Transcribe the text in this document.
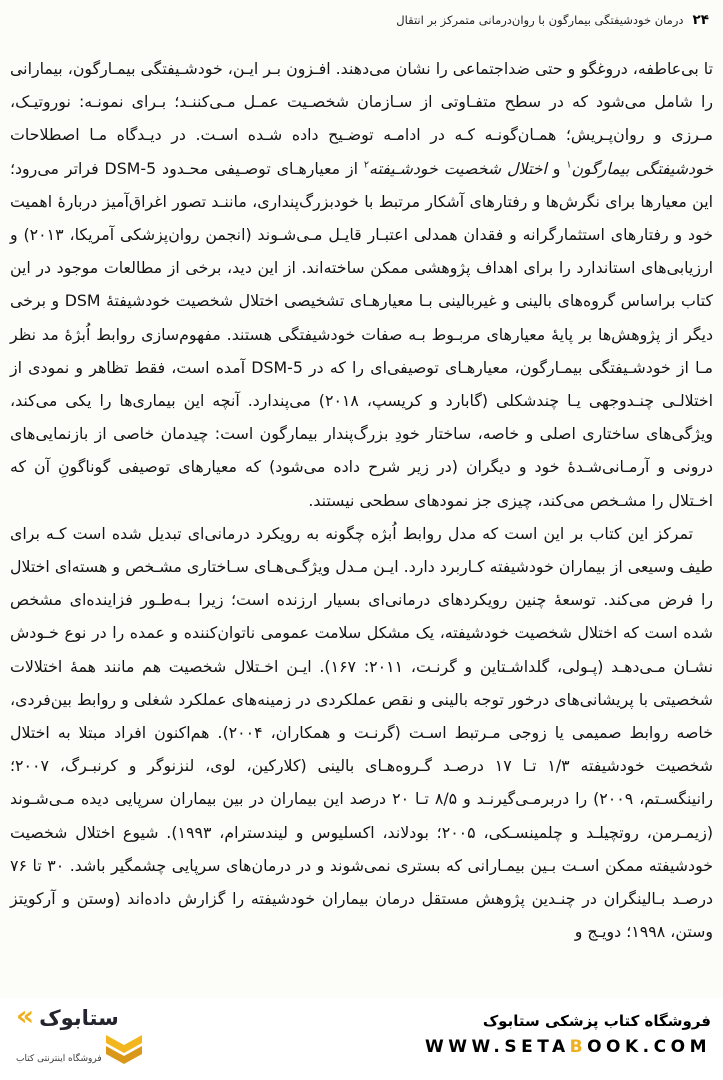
۲۴
درمان خودشیفتگی بیمارگون با روان‌درمانی متمرکز بر انتقال

تا بی‌عاطفه، دروغگو و حتی ضداجتماعی را نشان می‌دهند. افـزون بـر ایـن، خودشـیفتگی بیمـارگون، بیمارانی را شامل می‌شود که در سطح متفـاوتی از سـازمان شخصـیت عمـل مـی‌کننـد؛ بـرای نمونـه: نوروتیـک، مـرزی و روان‌پـریش؛ همـان‌گونـه کـه در ادامـه توضـیح داده شـده اسـت. در دیـدگاه مـا اصطلاحات خودشیفتگی بیمارگون$^۱$ و اختلال شخصیت خودشـیفته$^۲$ از معیارهـای توصـیفی محـدود DSM-5 فراتر می‌رود؛ این معیارها برای نگرش‌ها و رفتارهای آشکار مرتبط با خودبزرگ‌پنداری، ماننـد تصور اغراق‌آمیز دربارهٔ اهمیت خود و رفتارهای استثمارگرانه و فقدان همدلی اعتبـار قایـل مـی‌شـوند (انجمن روان‌پزشکی آمریکا، ۲۰۱۳) و ارزیابی‌های استاندارد را برای اهداف پژوهشی ممکن ساخته‌اند. از این دید، برخی از مطالعات موجود در این کتاب براساس گروه‌های بالینی و غیربالینی بـا معیارهـای تشخیصی اختلال شخصیت خودشیفتهٔ DSM و برخی دیگر از پژوهش‌ها بر پایهٔ معیارهای مربـوط بـه صفات خودشیفتگی هستند. مفهوم‌سازی روابط اُبژهٔ مد نظر مـا از خودشـیفتگی بیمـارگون، معیارهـای توصیفی‌ای را که در DSM-5 آمده است، فقط تظاهر و نمودی از اختلالـی چنـدوجهی یـا چندشکلی (گابارد و کریسپ، ۲۰۱۸) می‌پندارد. آنچه این بیماری‌ها را یکی می‌کند، ویژگی‌های ساختاری اصلی و خاصه، ساختار خودِ بزرگ‌پندار بیمارگون است: چیدمان خاصی از بازنمایی‌های درونی و آرمـانی‌شـدهٔ خود و دیگران (در زیر شرح داده می‌شود) که معیارهای توصیفی گوناگونِ آن که اخـتلال را مشـخص می‌کند، چیزی جز نمودهای سطحی نیستند.

تمرکز این کتاب بر این است که مدل روابط اُبژه چگونه به رویکرد درمانی‌ای تبدیل شده است کـه برای طیف وسیعی از بیماران خودشیفته کـاربرد دارد. ایـن مـدل ویژگـی‌هـای سـاختاری مشـخص و هسته‌ای اختلال را فرض می‌کند. توسعهٔ چنین رویکردهای درمانی‌ای بسیار ارزنده است؛ زیرا بـه‌طـور فزاینده‌ای مشخص شده است که اختلال شخصیت خودشیفته، یک مشکل سلامت عمومی ناتوان‌کننده و عمده را در نوع خـودش نشـان مـی‌دهـد (پـولی، گلداشـتاین و گرنـت، ۲۰۱۱: ۱۶۷). ایـن اخـتلال شخصیت هم مانند همهٔ اختلالات شخصیتی با پریشانی‌های درخور توجه بالینی و نقص عملکردی در زمینه‌های عملکرد شغلی و روابط بین‌فردی، خاصه روابط صمیمی یا زوجی مـرتبط اسـت (گرنـت و همکاران، ۲۰۰۴). هم‌اکنون افراد مبتلا به اختلال شخصیت خودشیفته ۱/۳ تـا ۱۷ درصـد گـروه‌هـای بالینی (کلارکین، لوی، لنزنوگر و کرنبـرگ، ۲۰۰۷؛ رانینگسـتم، ۲۰۰۹) را دربرمـی‌گیرنـد و ۸/۵ تـا ۲۰ درصد این بیماران در بین بیماران سرپایی دیده مـی‌شـوند (زیمـرمن، روتچیلـد و چلمینسـکی، ۲۰۰۵؛ بودلاند، اکسلیوس و لیندسترام، ۱۹۹۳). شیوع اختلال شخصیت خودشیفته ممکن اسـت بـین بیمـارانی که بستری نمی‌شوند و در درمان‌های سرپایی چشمگیر باشد. ۳۰ تا ۷۶ درصـد بـالینگران در چنـدین پژوهش مستقل درمان بیماران خودشیفته را گزارش داده‌اند (وستن و آرکویتز وستن، ۱۹۹۸؛ دویـج و

« ستابوک
فروشگاه اینترنتی کتاب
فروشگاه کتاب پزشکی ستابوک
WWW.SETABOOK.COM
